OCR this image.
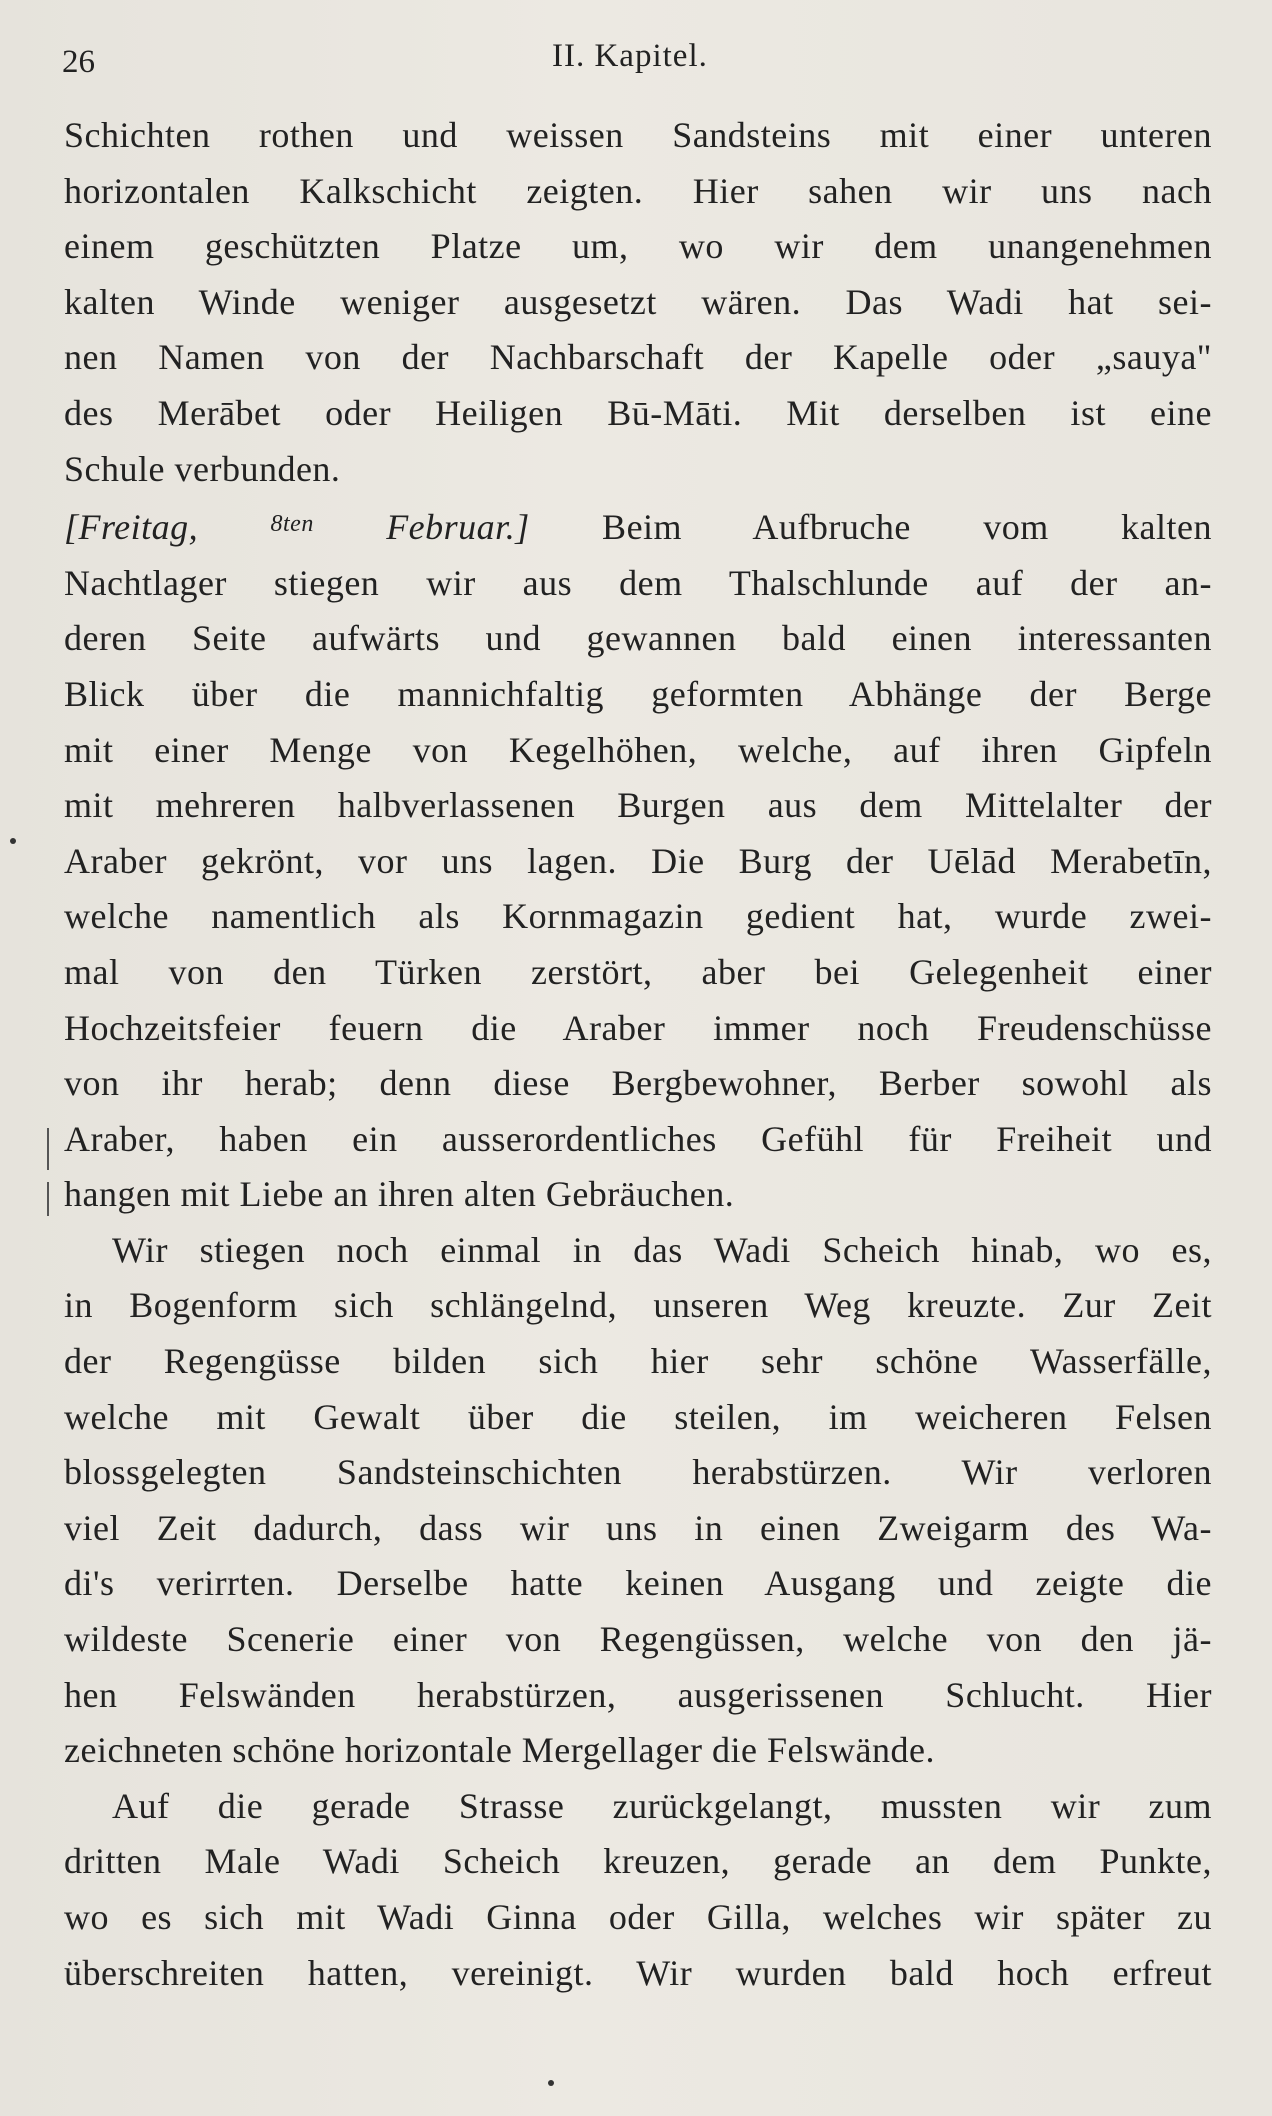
26	II. Kapitel.

Schichten rothen und weissen Sandsteins mit einer unteren
horizontalen Kalkschicht zeigten. Hier sahen wir uns nach
einem geschützten Platze um, wo wir dem unangenehmen
kalten Winde weniger ausgesetzt wären. Das Wadi hat sei-
nen Namen von der Nachbarschaft der Kapelle oder „sauya"
des Merābet oder Heiligen Bū-Māti. Mit derselben ist eine
Schule verbunden.

[Freitag, $^{8ten}$ Februar.] Beim Aufbruche vom kalten
Nachtlager stiegen wir aus dem Thalschlunde auf der an-
deren Seite aufwärts und gewannen bald einen interessanten
Blick über die mannichfaltig geformten Abhänge der Berge
mit einer Menge von Kegelhöhen, welche, auf ihren Gipfeln
mit mehreren halbverlassenen Burgen aus dem Mittelalter der
Araber gekrönt, vor uns lagen. Die Burg der Uēlād Merabetīn,
welche namentlich als Kornmagazin gedient hat, wurde zwei-
mal von den Türken zerstört, aber bei Gelegenheit einer
Hochzeitsfeier feuern die Araber immer noch Freudenschüsse
von ihr herab; denn diese Bergbewohner, Berber sowohl als
Araber, haben ein ausserordentliches Gefühl für Freiheit und
hangen mit Liebe an ihren alten Gebräuchen.

Wir stiegen noch einmal in das Wadi Scheich hinab, wo es,
in Bogenform sich schlängelnd, unseren Weg kreuzte. Zur Zeit
der Regengüsse bilden sich hier sehr schöne Wasserfälle,
welche mit Gewalt über die steilen, im weicheren Felsen
blossgelegten Sandsteinschichten herabstürzen. Wir verloren
viel Zeit dadurch, dass wir uns in einen Zweigarm des Wa-
di's verirrten. Derselbe hatte keinen Ausgang und zeigte die
wildeste Scenerie einer von Regengüssen, welche von den jä-
hen Felswänden herabstürzen, ausgerissenen Schlucht. Hier
zeichneten schöne horizontale Mergellager die Felswände.

Auf die gerade Strasse zurückgelangt, mussten wir zum
dritten Male Wadi Scheich kreuzen, gerade an dem Punkte,
wo es sich mit Wadi Ginna oder Gilla, welches wir später zu
überschreiten hatten, vereinigt. Wir wurden bald hoch erfreut
